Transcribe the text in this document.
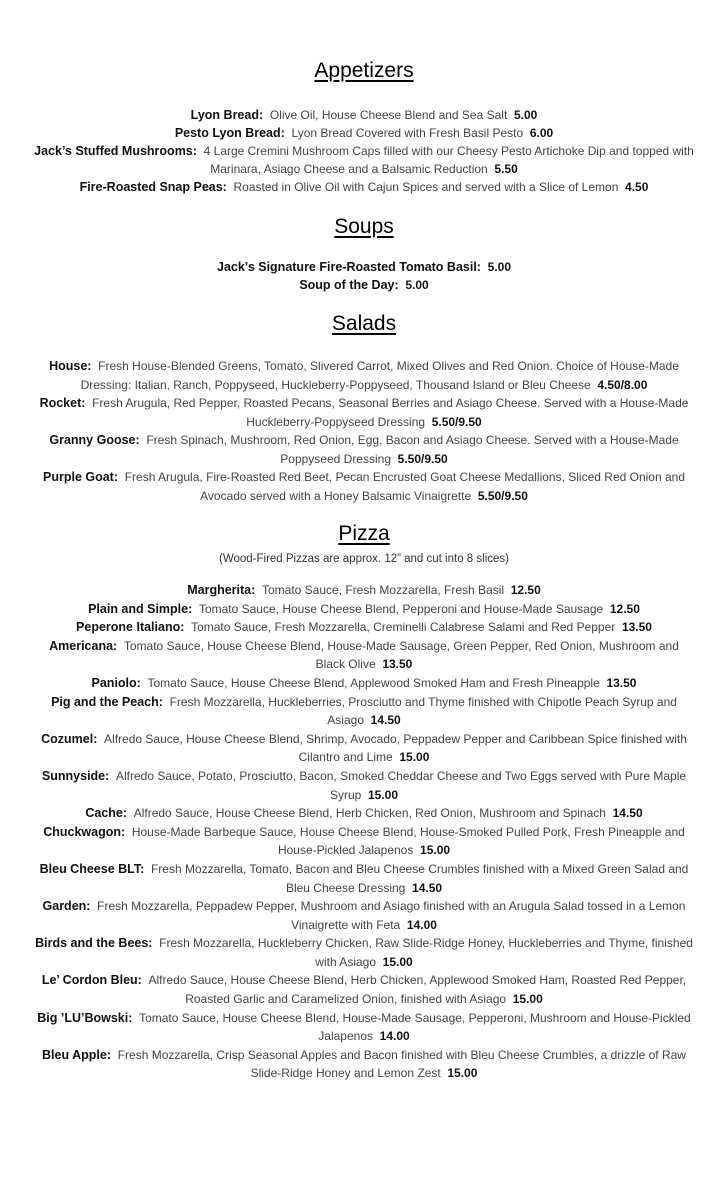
Appetizers

Lyon Bread: Olive Oil, House Cheese Blend and Sea Salt 5.00

Pesto Lyon Bread: Lyon Bread Covered with Fresh Basil Pesto 6.00

Jack’s Stuffed Mushrooms: 4 Large Cremini Mushroom Caps filled with our Cheesy Pesto Artichoke Dip and topped with Marinara, Asiago Cheese and a Balsamic Reduction 5.50

Fire-Roasted Snap Peas: Roasted in Olive Oil with Cajun Spices and served with a Slice of Lemon 4.50

Soups

Jack’s Signature Fire-Roasted Tomato Basil: 5.00

Soup of the Day: 5.00

Salads

House: Fresh House-Blended Greens, Tomato, Slivered Carrot, Mixed Olives and Red Onion. Choice of House-Made Dressing: Italian, Ranch, Poppyseed, Huckleberry-Poppyseed, Thousand Island or Bleu Cheese 4.50/8.00

Rocket: Fresh Arugula, Red Pepper, Roasted Pecans, Seasonal Berries and Asiago Cheese. Served with a House-Made Huckleberry-Poppyseed Dressing 5.50/9.50

Granny Goose: Fresh Spinach, Mushroom, Red Onion, Egg, Bacon and Asiago Cheese. Served with a House-Made Poppyseed Dressing 5.50/9.50

Purple Goat: Fresh Arugula, Fire-Roasted Red Beet, Pecan Encrusted Goat Cheese Medallions, Sliced Red Onion and Avocado served with a Honey Balsamic Vinaigrette 5.50/9.50

Pizza

(Wood-Fired Pizzas are approx. 12” and cut into 8 slices)

Margherita: Tomato Sauce, Fresh Mozzarella, Fresh Basil 12.50

Plain and Simple: Tomato Sauce, House Cheese Blend, Pepperoni and House-Made Sausage 12.50

Peperone Italiano: Tomato Sauce, Fresh Mozzarella, Creminelli Calabrese Salami and Red Pepper 13.50

Americana: Tomato Sauce, House Cheese Blend, House-Made Sausage, Green Pepper, Red Onion, Mushroom and Black Olive 13.50

Paniolo: Tomato Sauce, House Cheese Blend, Applewood Smoked Ham and Fresh Pineapple 13.50

Pig and the Peach: Fresh Mozzarella, Huckleberries, Prosciutto and Thyme finished with Chipotle Peach Syrup and Asiago 14.50

Cozumel: Alfredo Sauce, House Cheese Blend, Shrimp, Avocado, Peppadew Pepper and Caribbean Spice finished with Cilantro and Lime 15.00

Sunnyside: Alfredo Sauce, Potato, Prosciutto, Bacon, Smoked Cheddar Cheese and Two Eggs served with Pure Maple Syrup 15.00

Cache: Alfredo Sauce, House Cheese Blend, Herb Chicken, Red Onion, Mushroom and Spinach 14.50

Chuckwagon: House-Made Barbeque Sauce, House Cheese Blend, House-Smoked Pulled Pork, Fresh Pineapple and House-Pickled Jalapenos 15.00

Bleu Cheese BLT: Fresh Mozzarella, Tomato, Bacon and Bleu Cheese Crumbles finished with a Mixed Green Salad and Bleu Cheese Dressing 14.50

Garden: Fresh Mozzarella, Peppadew Pepper, Mushroom and Asiago finished with an Arugula Salad tossed in a Lemon Vinaigrette with Feta 14.00

Birds and the Bees: Fresh Mozzarella, Huckleberry Chicken, Raw Slide-Ridge Honey, Huckleberries and Thyme, finished with Asiago 15.00

Le’ Cordon Bleu: Alfredo Sauce, House Cheese Blend, Herb Chicken, Applewood Smoked Ham, Roasted Red Pepper, Roasted Garlic and Caramelized Onion, finished with Asiago 15.00

Big ’LU’Bowski: Tomato Sauce, House Cheese Blend, House-Made Sausage, Pepperoni, Mushroom and House-Pickled Jalapenos 14.00

Bleu Apple: Fresh Mozzarella, Crisp Seasonal Apples and Bacon finished with Bleu Cheese Crumbles, a drizzle of Raw Slide-Ridge Honey and Lemon Zest 15.00
